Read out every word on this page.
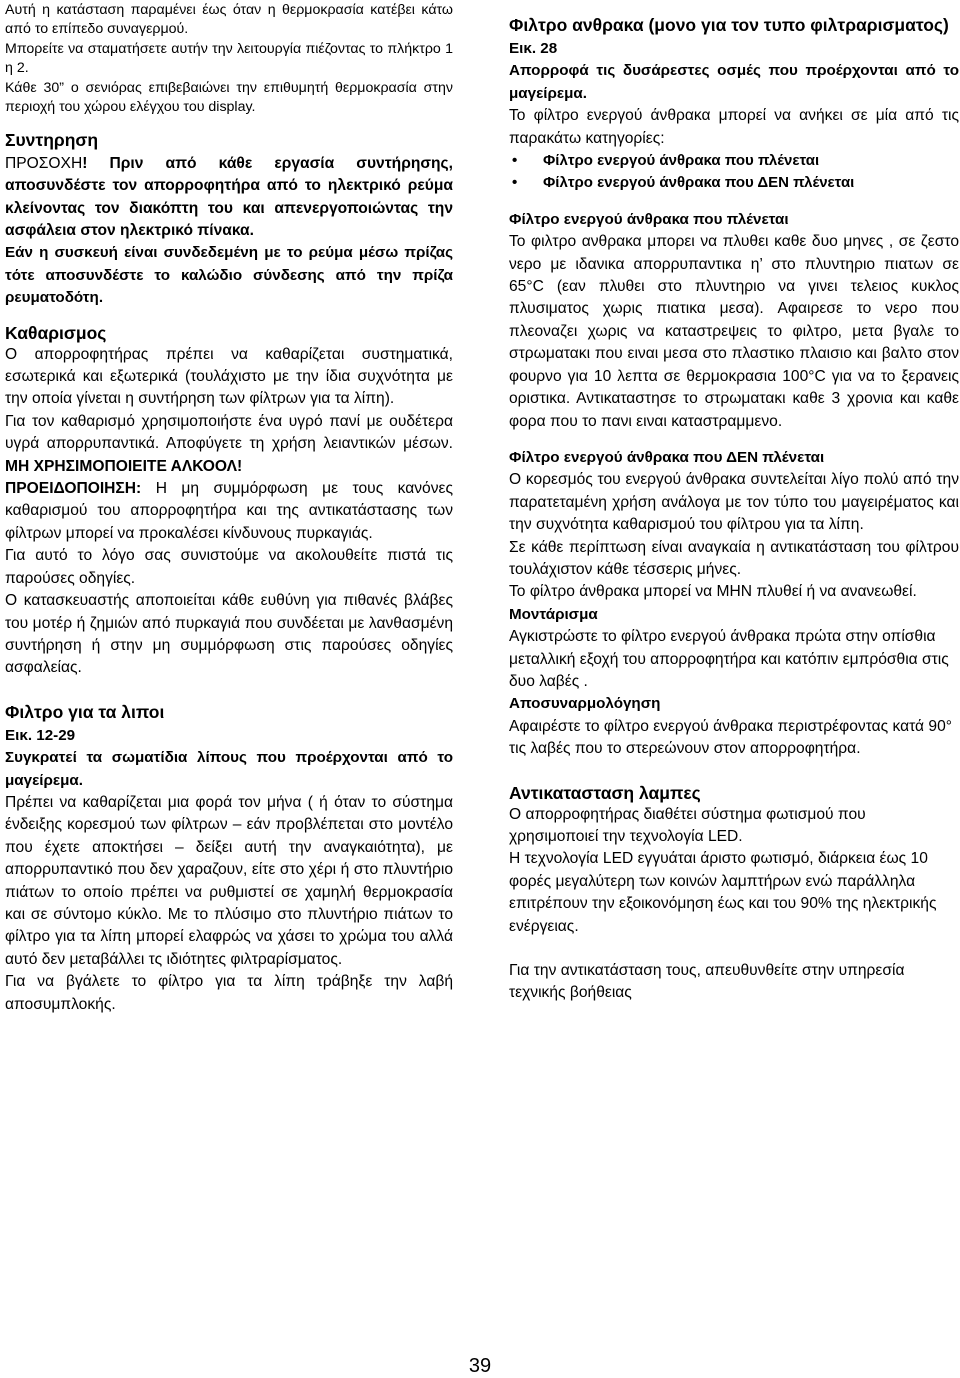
Αυτή η κατάσταση παραμένει έως όταν η θερμοκρασία κατέβει κάτω από το επίπεδο συναγερμού.

Μπορείτε να σταματήσετε αυτήν την λειτουργία πιέζοντας το πλήκτρο 1 η 2.

Κάθε 30” ο σενιόρας επιβεβαιώνει την επιθυμητή θερμοκρασία στην περιοχή του χώρου ελέγχου του display.

Συντηρηση

ΠΡΟΣΟΧΗ! Πριν από κάθε εργασία συντήρησης, αποσυνδέστε τον απορροφητήρα από το ηλεκτρικό ρεύμα κλείνοντας τον διακόπτη του και απενεργοποιώντας την ασφάλεια στον ηλεκτρικό πίνακα.

Εάν η συσκευή είναι συνδεδεμένη με το ρεύμα μέσω πρίζας τότε αποσυνδέστε το καλώδιο σύνδεσης από την πρίζα ρευματοδότη.

Καθαρισμος

Ο απορροφητήρας πρέπει να καθαρίζεται συστηματικά, εσωτερικά και εξωτερικά (τουλάχιστο με την ίδια συχνότητα με την οποία γίνεται η συντήρηση των φίλτρων για τα λίπη).

Για τον καθαρισμό χρησιμοποιήστε ένα υγρό πανί με ουδέτερα υγρά απορρυπαντικά. Αποφύγετε τη χρήση λειαντικών μέσων. ΜΗ ΧΡΗΣΙΜΟΠΟΙΕΙΤΕ ΑΛΚΟΟΛ!

ΠΡΟΕΙΔΟΠΟΙΗΣΗ: Η μη συμμόρφωση με τους κανόνες καθαρισμού του απορροφητήρα και της αντικατάστασης των φίλτρων μπορεί να προκαλέσει κίνδυνους πυρκαγιάς.

Για αυτό το λόγο σας συνιστούμε να ακολουθείτε πιστά τις παρούσες οδηγίες.

Ο κατασκευαστής αποποιείται κάθε ευθύνη για πιθανές βλάβες του μοτέρ ή ζημιών από πυρκαγιά που συνδέεται με λανθασμένη συντήρηση ή στην μη συμμόρφωση στις παρούσες οδηγίες ασφαλείας.

Φιλτρο για τα λιποι

Εικ. 12-29

Συγκρατεί τα σωματίδια λίπους που προέρχονται από το μαγείρεμα.

Πρέπει να καθαρίζεται μια φορά τον μήνα ( ή όταν το σύστημα ένδειξης κορεσμού των φίλτρων – εάν προβλέπεται στο μοντέλο που έχετε αποκτήσει – δείξει αυτή την αναγκαιότητα), με απορρυπαντικό που δεν χαραζουν, είτε στο χέρι ή στο πλυντήριο πιάτων το οποίο πρέπει να ρυθμιστεί σε χαμηλή θερμοκρασία και σε σύντομο κύκλο. Με το πλύσιμο στο πλυντήριο πιάτων το φίλτρο για τα λίπη μπορεί ελαφρώς να χάσει το χρώμα του αλλά αυτό δεν μεταβάλλει τς ιδιότητες φιλτραρίσματος.

Για να βγάλετε το φίλτρο για τα λίπη τράβηξε την λαβή αποσυμπλοκής.

Φιλτρο ανθρακα (μονο για τον τυπο φιλτραρισματος)

Εικ. 28

Απορροφά τις δυσάρεστες οσμές που προέρχονται από το μαγείρεμα.

Το φίλτρο ενεργού άνθρακα μπορεί να ανήκει σε μία από τις παρακάτω κατηγορίες:

• Φίλτρο ενεργού άνθρακα που πλένεται
• Φίλτρο ενεργού άνθρακα που ΔΕΝ πλένεται

Φίλτρο ενεργού άνθρακα που πλένεται

Το φιλτρο ανθρακα μπορει να πλυθει καθε δυο μηνες , σε ζεστο νερο με ιδανικα απορρυπαντικα η’ στο πλυντηριο πιατων σε 65°C (εαν πλυθει στο πλυντηριο να γινει τελειος κυκλος πλυσιματος χωρις πιατικα μεσα). Αφαιρεσε το νερο που πλεοναζει χωρις να καταστρεψεις το φιλτρο, μετα βγαλε το στρωματακι που ειναι μεσα στο πλαστικο πλαισιο και βαλτο στον φουρνο για 10 λεπτα σε θερμοκρασια 100°C για να το ξερανεις οριστικα. Αντικαταστησε το στρωματακι καθε 3 χρονια και καθε φορα που το πανι ειναι καταστραμμενο.

Φίλτρο ενεργού άνθρακα που ΔΕΝ πλένεται

Ο κορεσμός του ενεργού άνθρακα συντελείται λίγο πολύ από την παρατεταμένη χρήση ανάλογα με τον τύπο του μαγειρέματος και την συχνότητα καθαρισμού του φίλτρου για τα λίπη.

Σε κάθε περίπτωση είναι αναγκαία η αντικατάσταση του φίλτρου τουλάχιστον κάθε τέσσερις μήνες.

Το φίλτρο άνθρακα μπορεί να ΜΗΝ πλυθεί ή να ανανεωθεί.

Μοντάρισμα

Αγκιστρώστε το φίλτρο ενεργού άνθρακα πρώτα στην οπίσθια μεταλλική εξοχή του απορροφητήρα και κατόπιν εμπρόσθια στις δυο λαβές .

Αποσυναρμολόγηση

Αφαιρέστε το φίλτρο ενεργού άνθρακα περιστρέφοντας κατά 90° τις λαβές που το στερεώνουν στον απορροφητήρα.

Αντικατασταση λαμπες

Ο απορροφητήρας διαθέτει σύστημα φωτισμού που χρησιμοποιεί την τεχνολογία LED.

Η τεχνολογία LED εγγυάται άριστο φωτισμό, διάρκεια έως 10 φορές μεγαλύτερη των κοινών λαμπτήρων ενώ παράλληλα επιτρέπουν την εξοικονόμηση έως και του 90% της ηλεκτρικής ενέργειας.

Για την αντικατάσταση τους, απευθυνθείτε στην υπηρεσία τεχνικής βοήθειας

39
